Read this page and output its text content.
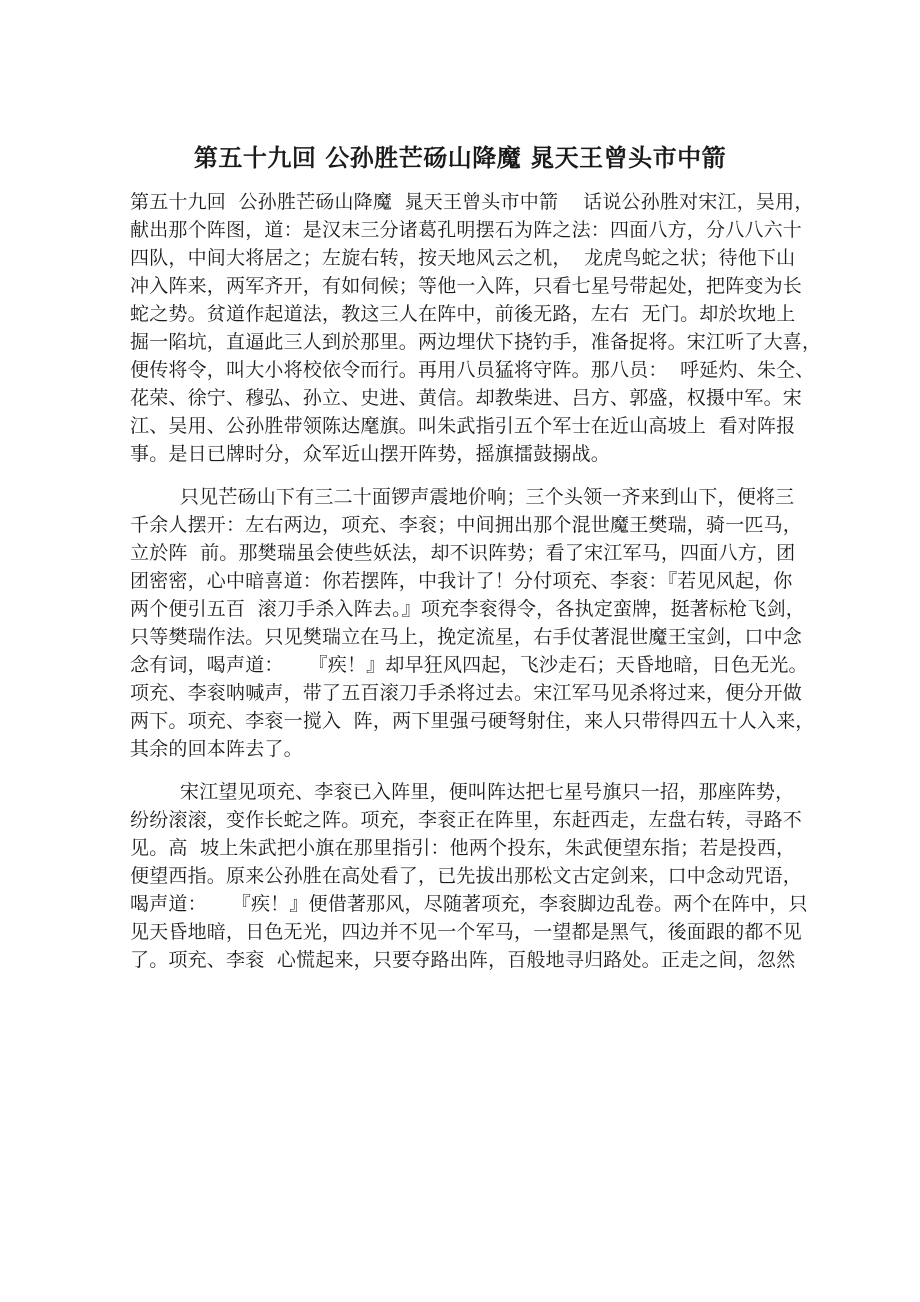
第五十九回 公孙胜芒砀山降魔 晁天王曾头市中箭
第五十九回  公孙胜芒砀山降魔  晁天王曾头市中箭    话说公孙胜对宋江，吴用，
献出那个阵图，道：是汉末三分诸葛孔明摆石为阵之法：四面八方，分八八六十
四队，中间大将居之；左旋右转，按天地风云之机，  龙虎鸟蛇之状；待他下山
冲入阵来，两军齐开，有如伺候；等他一入阵，只看七星号带起处，把阵变为长
蛇之势。贫道作起道法，教这三人在阵中，前後无路，左右  无门。却於坎地上
掘一陷坑，直逼此三人到於那里。两边埋伏下挠钓手，准备捉将。宋江听了大喜，
便传将令，叫大小将校依令而行。再用八员猛将守阵。那八员：  呼延灼、朱仝、
花荣、徐宁、穆弘、孙立、史进、黄信。却教柴进、吕方、郭盛，权摄中军。宋
江、吴用、公孙胜带领陈达麾旗。叫朱武指引五个军士在近山高坡上  看对阵报
事。是日已牌时分，众军近山摆开阵势，摇旗擂鼓搦战。
只见芒砀山下有三二十面锣声震地价响；三个头领一齐来到山下，便将三
千余人摆开：左右两边，项充、李衮；中间拥出那个混世魔王樊瑞，骑一匹马，
立於阵  前。那樊瑞虽会使些妖法，却不识阵势；看了宋江军马，四面八方，团
团密密，心中暗喜道：你若摆阵，中我计了！分付项充、李衮：『若见风起，你
两个便引五百  滚刀手杀入阵去。』项充李衮得令，各执定蛮牌，挺著标枪飞剑，
只等樊瑞作法。只见樊瑞立在马上，挽定流星，右手仗著混世魔王宝剑，口中念
念有词，喝声道：    『疾！』却早狂风四起，飞沙走石；天昏地暗，日色无光。
项充、李衮呐喊声，带了五百滚刀手杀将过去。宋江军马见杀将过来，便分开做
两下。项充、李衮一搅入  阵，两下里强弓硬弩射住，来人只带得四五十人入来，
其余的回本阵去了。
宋江望见项充、李衮已入阵里，便叫阵达把七星号旗只一招，那座阵势，
纷纷滚滚，变作长蛇之阵。项充，李衮正在阵里，东赶西走，左盘右转，寻路不
见。高  坡上朱武把小旗在那里指引：他两个投东，朱武便望东指；若是投西，
便望西指。原来公孙胜在高处看了，已先拔出那松文古定剑来，口中念动咒语，
喝声道：    『疾！』便借著那风，尽随著项充，李衮脚边乱卷。两个在阵中，只
见天昏地暗，日色无光，四边并不见一个军马，一望都是黑气，後面跟的都不见
了。项充、李衮  心慌起来，只要夺路出阵，百般地寻归路处。正走之间，忽然
